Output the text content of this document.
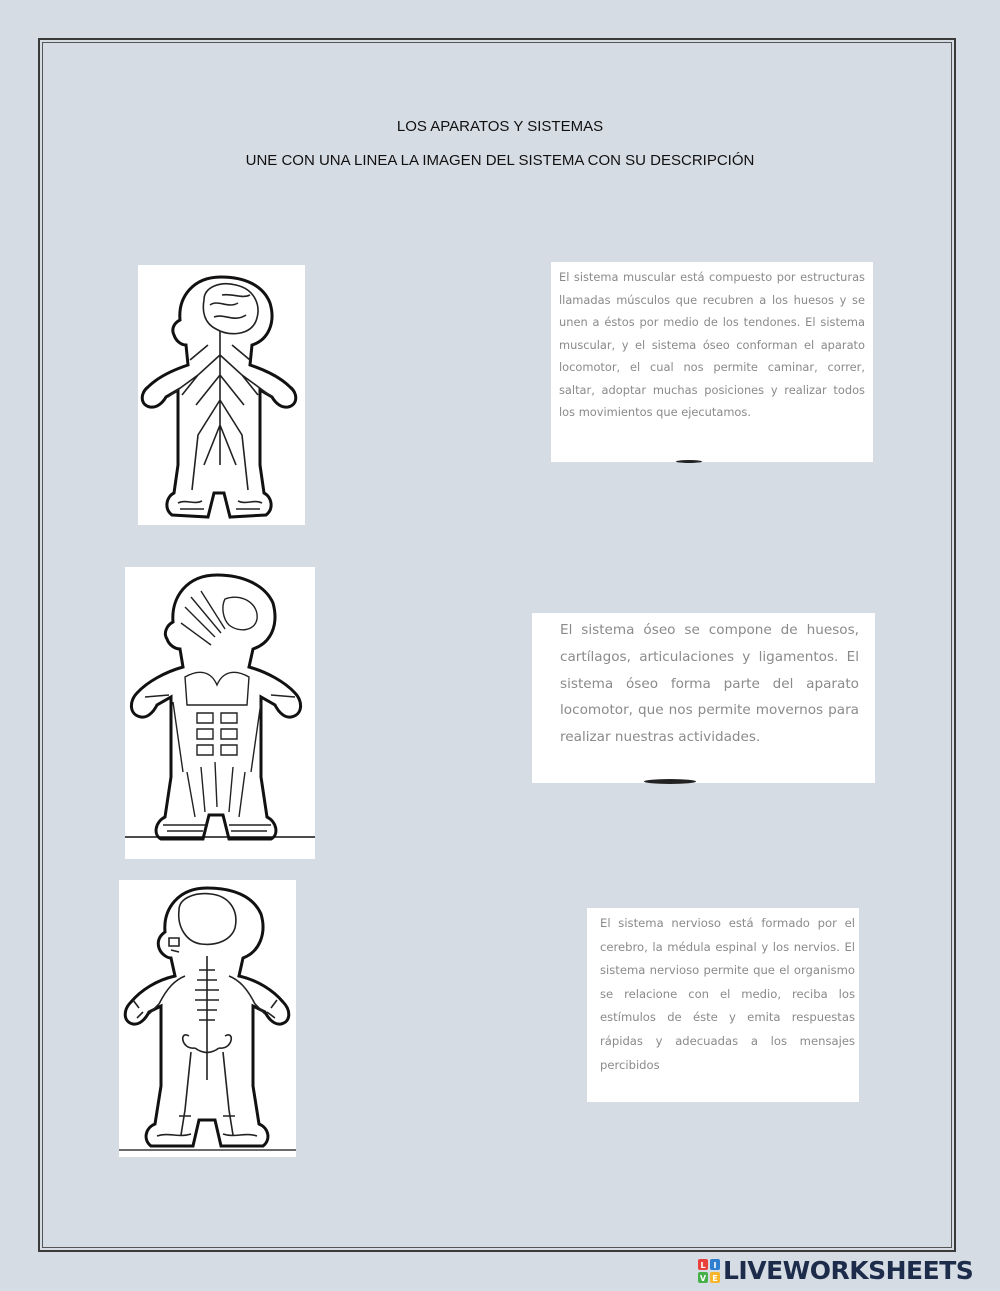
LOS APARATOS Y SISTEMAS
UNE CON UNA LINEA LA IMAGEN DEL SISTEMA CON SU DESCRIPCIÓN

El sistema muscular está compuesto por estructuras llamadas músculos que recubren a los huesos y se unen a éstos por medio de los tendones. El sistema muscular, y el sistema óseo conforman el aparato locomotor, el cual nos permite caminar, correr, saltar, adoptar muchas posiciones y realizar todos los movimientos que ejecutamos.

El sistema óseo se compone de huesos, cartílagos, articulaciones y ligamentos. El sistema óseo forma parte del aparato locomotor, que nos permite movernos para realizar nuestras actividades.

El sistema nervioso está formado por el cerebro, la médula espinal y los nervios. El sistema nervioso permite que el organismo se relacione con el medio, reciba los estímulos de éste y emita respuestas rápidas y adecuadas a los mensajes percibidos

L I
V E LIVEWORKSHEETS
